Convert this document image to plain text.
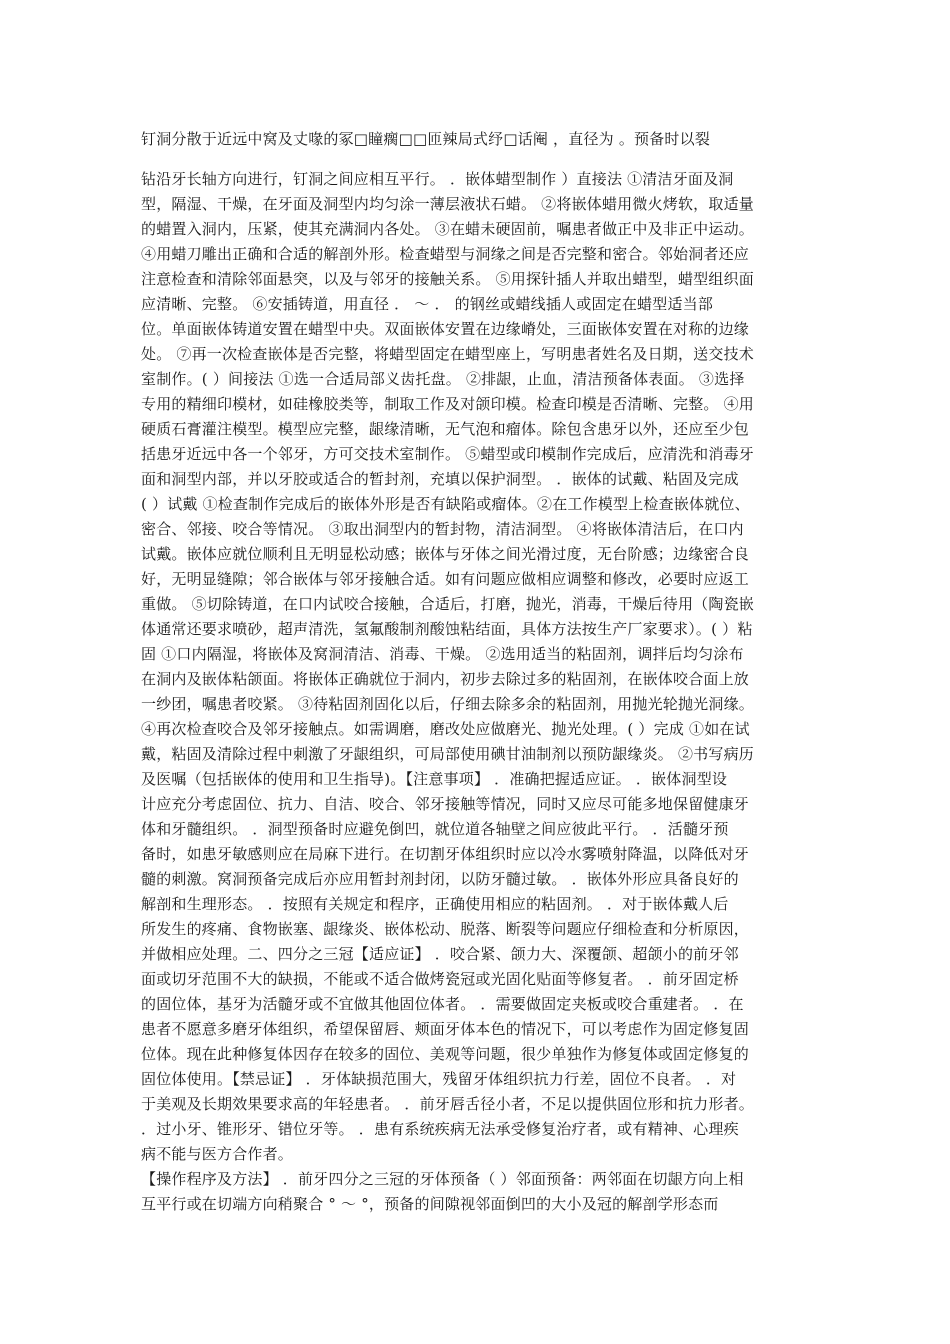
钉洞分散于近远中窝及丈喙的冢□瞳瘸□□匝辣局式纾□话阉 ，直径为 。预备时以裂
钻沿牙长轴方向进行，钉洞之间应相互平行。 ．嵌体蜡型制作 ）直接法 ①清洁牙面及洞
型，隔湿、干燥，在牙面及洞型内均匀涂一薄层液状石蜡。 ②将嵌体蜡用微火烤软，取适量
的蜡置入洞内，压紧，使其充满洞内各处。 ③在蜡未硬固前，嘱患者做正中及非正中运动。
④用蜡刀雕出正确和合适的解剖外形。检查蜡型与洞缘之间是否完整和密合。邻始洞者还应
注意检查和清除邻面悬突，以及与邻牙的接触关系。 ⑤用探针插人并取出蜡型，蜡型组织面
应清晰、完整。 ⑥安插铸道，用直径 ． ～ ． 的钢丝或蜡线插人或固定在蜡型适当部
位。单面嵌体铸道安置在蜡型中央。双面嵌体安置在边缘嵴处，三面嵌体安置在对称的边缘
处。 ⑦再一次检查嵌体是否完整，将蜡型固定在蜡型座上，写明患者姓名及日期，送交技术
室制作。( ）间接法 ①选一合适局部义齿托盘。 ②排龈，止血，清洁预备体表面。 ③选择
专用的精细印模材，如硅橡胶类等，制取工作及对颌印模。检查印模是否清晰、完整。 ④用
硬质石膏灌注模型。模型应完整，龈缘清晰，无气泡和瘤体。除包含患牙以外，还应至少包
括患牙近远中各一个邻牙，方可交技术室制作。 ⑤蜡型或印模制作完成后，应清洗和消毒牙
面和洞型内部，并以牙胶或适合的暂封剂，充填以保护洞型。 ．嵌体的试戴、粘固及完成
( ）试戴 ①检查制作完成后的嵌体外形是否有缺陷或瘤体。②在工作模型上检查嵌体就位、
密合、邻接、咬合等情况。 ③取出洞型内的暂封物，清洁洞型。 ④将嵌体清洁后，在口内
试戴。嵌体应就位顺利且无明显松动感；嵌体与牙体之间光滑过度，无台阶感；边缘密合良
好，无明显缝隙；邻合嵌体与邻牙接触合适。如有问题应做相应调整和修改，必要时应返工
重做。 ⑤切除铸道，在口内试咬合接触，合适后，打磨，抛光，消毒，干燥后待用（陶瓷嵌
体通常还要求喷砂，超声清洗，氢氟酸制剂酸蚀粘结面，具体方法按生产厂家要求）。( ）粘
固 ①口内隔湿，将嵌体及窝洞清洁、消毒、干燥。 ②选用适当的粘固剂，调拌后均匀涂布
在洞内及嵌体粘颌面。将嵌体正确就位于洞内，初步去除过多的粘固剂，在嵌体咬合面上放
一纱团，嘱患者咬紧。 ③待粘固剂固化以后，仔细去除多余的粘固剂，用抛光轮抛光洞缘。
④再次检查咬合及邻牙接触点。如需调磨，磨改处应做磨光、抛光处理。( ）完成 ①如在试
戴，粘固及清除过程中刺激了牙龈组织，可局部使用碘甘油制剂以预防龈缘炎。 ②书写病历
及医嘱（包括嵌体的使用和卫生指导)。【注意事项】 ．准确把握适应证。 ．嵌体洞型设
计应充分考虑固位、抗力、自洁、咬合、邻牙接触等情况，同时又应尽可能多地保留健康牙
体和牙髓组织。 ．洞型预备时应避免倒凹，就位道各轴壁之间应彼此平行。 ．活髓牙预
备时，如患牙敏感则应在局麻下进行。在切割牙体组织时应以冷水雾喷射降温，以降低对牙
髓的刺激。窝洞预备完成后亦应用暂封剂封闭，以防牙髓过敏。 ．嵌体外形应具备良好的
解剖和生理形态。 ．按照有关规定和程序，正确使用相应的粘固剂。 ．对于嵌体戴人后
所发生的疼痛、食物嵌塞、龈缘炎、嵌体松动、脱落、断裂等问题应仔细检查和分析原因，
并做相应处理。二、四分之三冠【适应证】 ．咬合紧、颌力大、深覆颌、超颌小的前牙邻
面或切牙范围不大的缺损，不能或不适合做烤瓷冠或光固化贴面等修复者。 ．前牙固定桥
的固位体，基牙为活髓牙或不宜做其他固位体者。 ．需要做固定夹板或咬合重建者。 ．在
患者不愿意多磨牙体组织，希望保留唇、颊面牙体本色的情况下，可以考虑作为固定修复固
位体。现在此种修复体因存在较多的固位、美观等问题，很少单独作为修复体或固定修复的
固位体使用。【禁忌证】 ．牙体缺损范围大，残留牙体组织抗力行差，固位不良者。 ．对
于美观及长期效果要求高的年轻患者。 ．前牙唇舌径小者，不足以提供固位形和抗力形者。
．过小牙、锥形牙、错位牙等。 ．患有系统疾病无法承受修复治疗者，或有精神、心理疾
病不能与医方合作者。
【操作程序及方法】 ．前牙四分之三冠的牙体预备（ ）邻面预备：两邻面在切龈方向上相
互平行或在切端方向稍聚合 ° ～ °，预备的间隙视邻面倒凹的大小及冠的解剖学形态而
